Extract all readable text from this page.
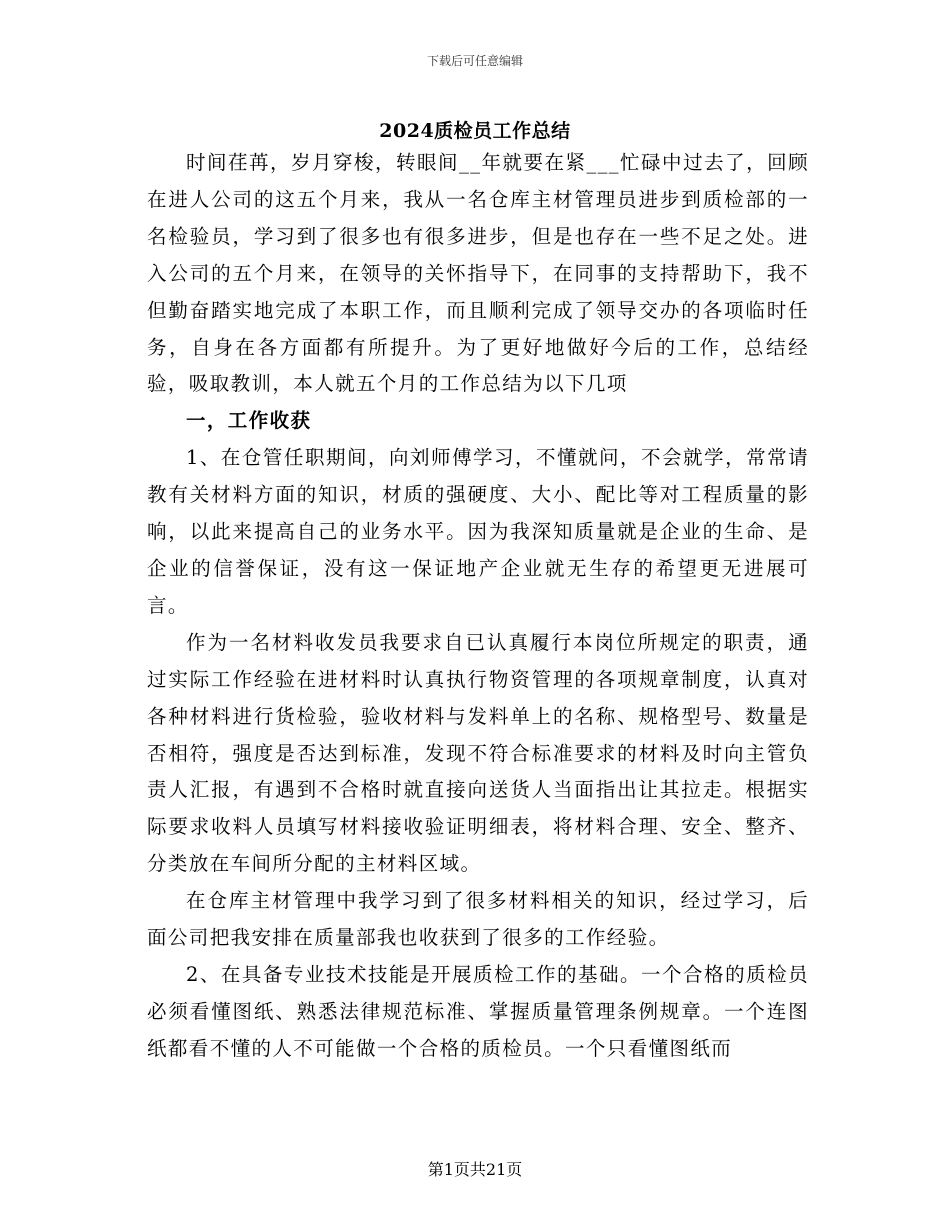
下载后可任意编辑
2024质检员工作总结

时间荏苒，岁月穿梭，转眼间__年就要在紧___忙碌中过去了，回顾在进人公司的这五个月来，我从一名仓库主材管理员进步到质检部的一名检验员，学习到了很多也有很多进步，但是也存在一些不足之处。进入公司的五个月来，在领导的关怀指导下，在同事的支持帮助下，我不但勤奋踏实地完成了本职工作，而且顺利完成了领导交办的各项临时任务，自身在各方面都有所提升。为了更好地做好今后的工作，总结经验，吸取教训，本人就五个月的工作总结为以下几项

一，工作收获

1、在仓管任职期间，向刘师傅学习，不懂就问，不会就学，常常请教有关材料方面的知识，材质的强硬度、大小、配比等对工程质量的影响，以此来提高自己的业务水平。因为我深知质量就是企业的生命、是企业的信誉保证，没有这一保证地产企业就无生存的希望更无进展可言。

作为一名材料收发员我要求自已认真履行本岗位所规定的职责，通过实际工作经验在进材料时认真执行物资管理的各项规章制度，认真对各种材料进行货检验，验收材料与发料单上的名称、规格型号、数量是否相符，强度是否达到标准，发现不符合标准要求的材料及时向主管负责人汇报，有遇到不合格时就直接向送货人当面指出让其拉走。根据实际要求收料人员填写材料接收验证明细表，将材料合理、安全、整齐、分类放在车间所分配的主材料区域。

在仓库主材管理中我学习到了很多材料相关的知识，经过学习，后面公司把我安排在质量部我也收获到了很多的工作经验。

2、在具备专业技术技能是开展质检工作的基础。一个合格的质检员必须看懂图纸、熟悉法律规范标准、掌握质量管理条例规章。一个连图纸都看不懂的人不可能做一个合格的质检员。一个只看懂图纸而

第1页共21页
